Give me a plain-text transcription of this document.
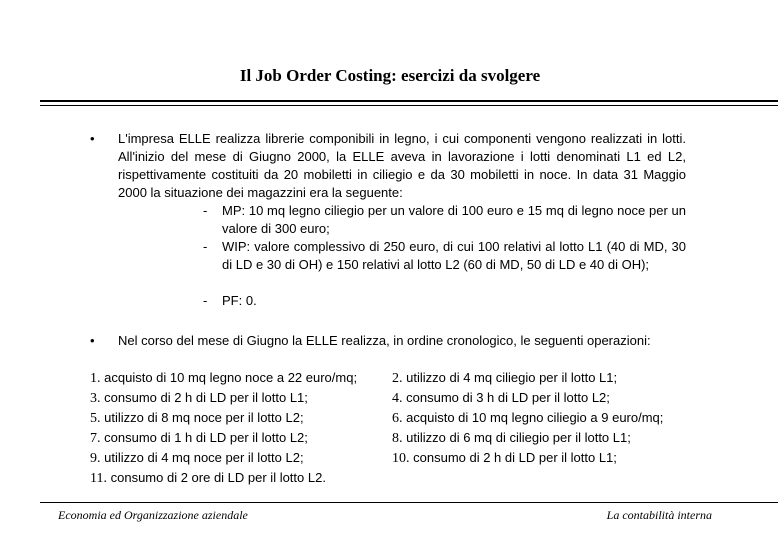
Il Job Order Costing: esercizi da svolgere
• L'impresa ELLE realizza librerie componibili in legno, i cui componenti vengono realizzati in lotti. All'inizio del mese di Giugno 2000, la ELLE aveva in lavorazione i lotti denominati L1 ed L2, rispettivamente costituiti da 20 mobiletti in ciliegio e da 30 mobiletti in noce. In data 31 Maggio 2000 la situazione dei magazzini era la seguente:
- MP: 10 mq legno ciliegio per un valore di 100 euro e 15 mq di legno noce per un valore di 300 euro;
- WIP: valore complessivo di 250 euro, di cui 100 relativi al lotto L1 (40 di MD, 30 di LD e 30 di OH) e 150 relativi al lotto L2 (60 di MD, 50 di LD e 40 di OH);
- PF: 0.
• Nel corso del mese di Giugno la ELLE realizza, in ordine cronologico, le seguenti operazioni:
1. acquisto di 10 mq legno noce a 22 euro/mq; 2. utilizzo di 4 mq ciliegio per il lotto L1;
3. consumo di 2 h di LD per il lotto L1;	4. consumo di 3 h di LD per il lotto L2;
5. utilizzo di 8 mq noce per il lotto L2;	6. acquisto di 10 mq legno ciliegio a 9 euro/mq;
7. consumo di 1 h di LD per il lotto L2;	8. utilizzo di 6 mq di ciliegio per il lotto L1;
9. utilizzo di 4 mq noce per il lotto L2;	10. consumo di 2 h di LD per il lotto L1;
11. consumo di 2 ore di LD per il lotto L2.
Economia ed Organizzazione aziendale	La contabilità interna
